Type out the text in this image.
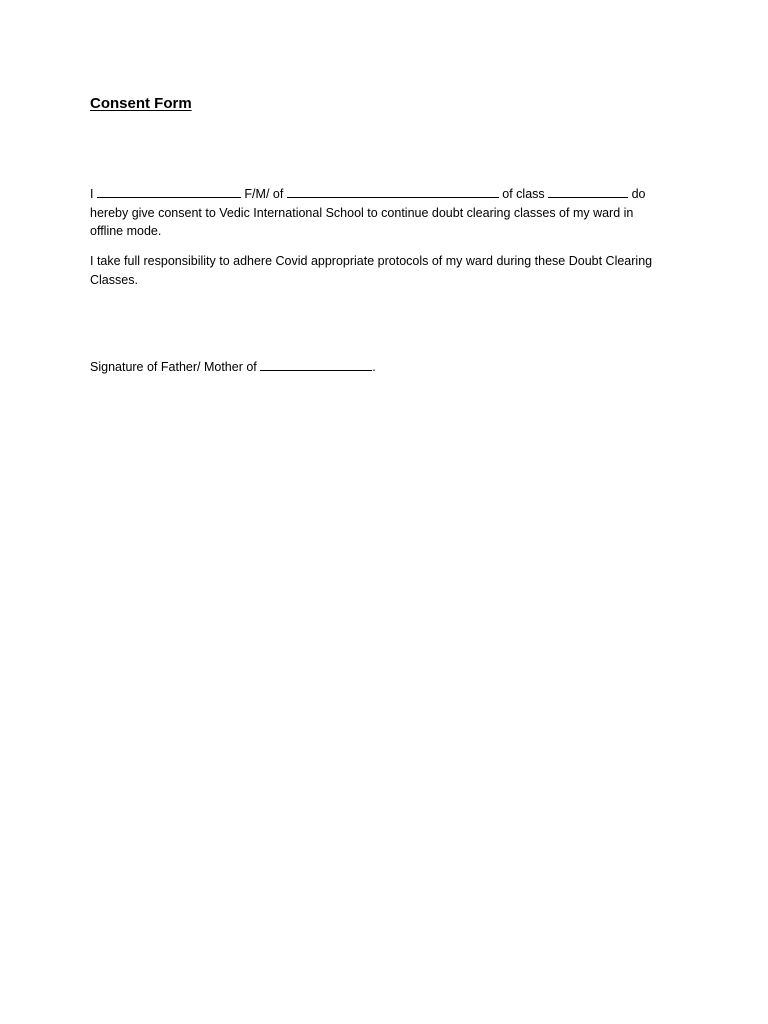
Consent Form
I	F/M/ of	of class	do
hereby give consent to Vedic International School to continue doubt clearing classes of my ward in
offline mode.
I take full responsibility to adhere Covid appropriate protocols of my ward during these Doubt Clearing
Classes.
Signature of Father/ Mother of	.
